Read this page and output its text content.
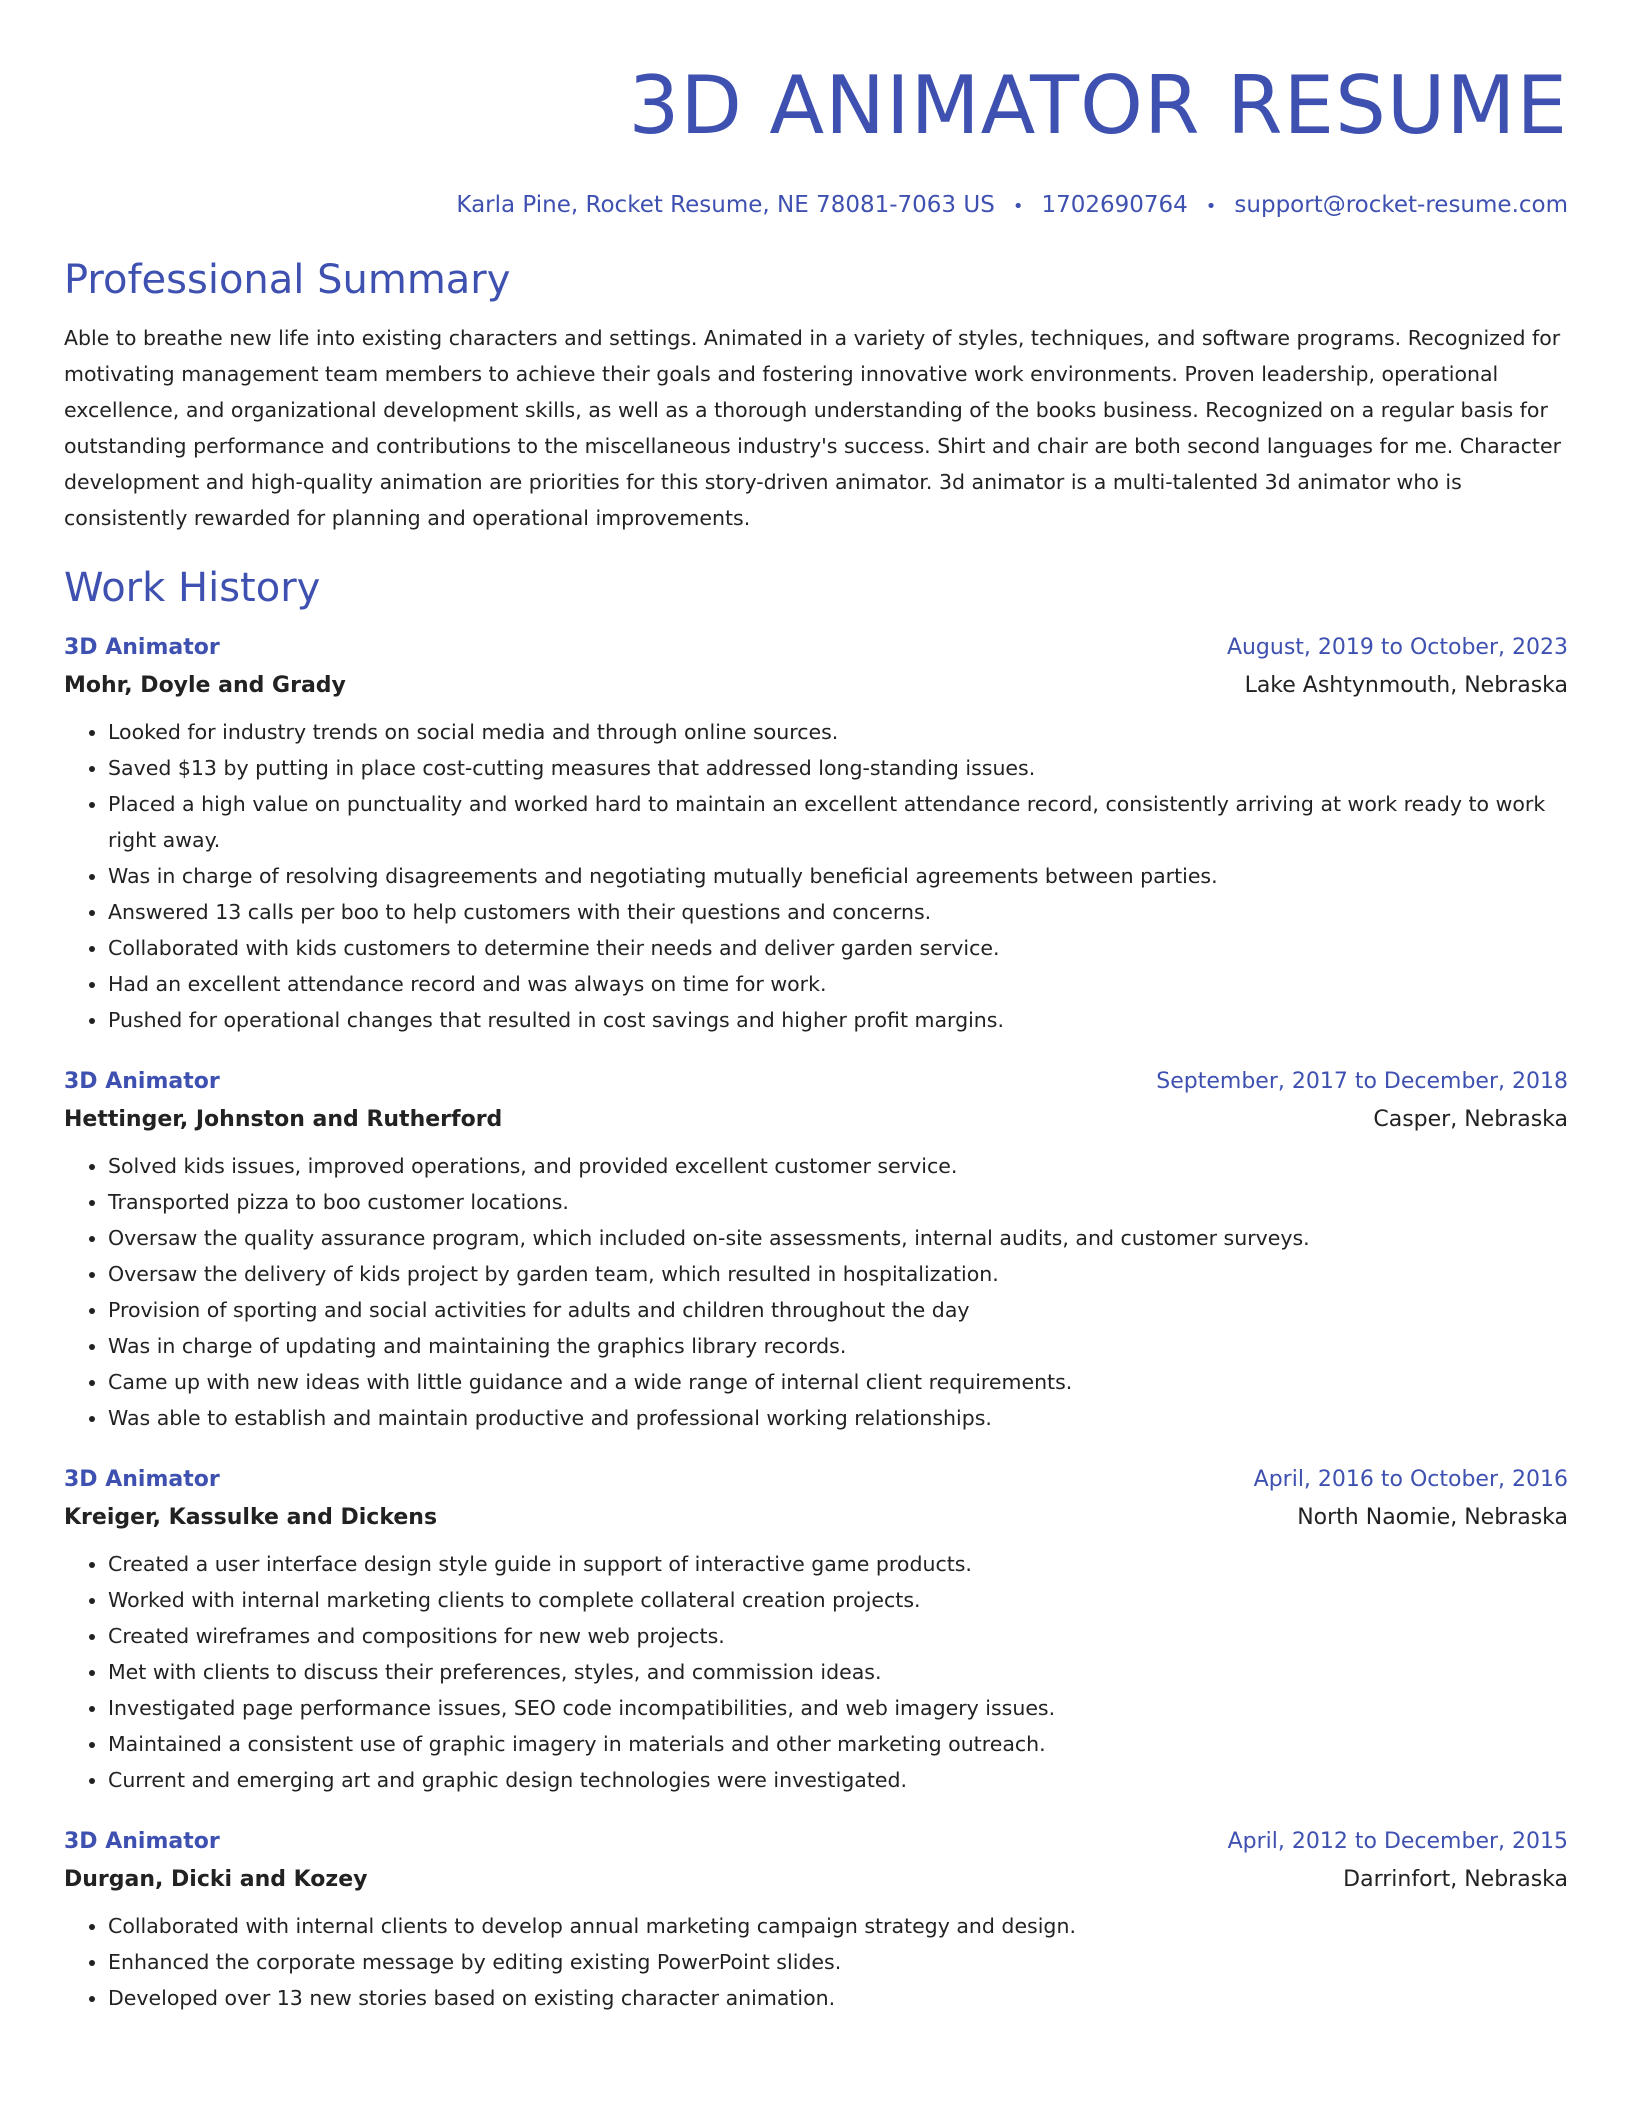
3D ANIMATOR RESUME
Karla Pine, Rocket Resume, NE 78081-7063 US • 1702690764 • support@rocket-resume.com
Professional Summary

Able to breathe new life into existing characters and settings. Animated in a variety of styles, techniques, and software programs. Recognized for motivating management team members to achieve their goals and fostering innovative work environments. Proven leadership, operational excellence, and organizational development skills, as well as a thorough understanding of the books business. Recognized on a regular basis for outstanding performance and contributions to the miscellaneous industry's success. Shirt and chair are both second languages for me. Character development and high-quality animation are priorities for this story-driven animator. 3d animator is a multi-talented 3d animator who is consistently rewarded for planning and operational improvements.

Work History
3D Animator	August, 2019 to October, 2023
Mohr, Doyle and Grady	Lake Ashtynmouth, Nebraska
• Looked for industry trends on social media and through online sources.
• Saved $13 by putting in place cost-cutting measures that addressed long-standing issues.
• Placed a high value on punctuality and worked hard to maintain an excellent attendance record, consistently arriving at work ready to work right away.
• Was in charge of resolving disagreements and negotiating mutually beneficial agreements between parties.
• Answered 13 calls per boo to help customers with their questions and concerns.
• Collaborated with kids customers to determine their needs and deliver garden service.
• Had an excellent attendance record and was always on time for work.
• Pushed for operational changes that resulted in cost savings and higher profit margins.
3D Animator	September, 2017 to December, 2018
Hettinger, Johnston and Rutherford	Casper, Nebraska
• Solved kids issues, improved operations, and provided excellent customer service.
• Transported pizza to boo customer locations.
• Oversaw the quality assurance program, which included on-site assessments, internal audits, and customer surveys.
• Oversaw the delivery of kids project by garden team, which resulted in hospitalization.
• Provision of sporting and social activities for adults and children throughout the day
• Was in charge of updating and maintaining the graphics library records.
• Came up with new ideas with little guidance and a wide range of internal client requirements.
• Was able to establish and maintain productive and professional working relationships.
3D Animator	April, 2016 to October, 2016
Kreiger, Kassulke and Dickens	North Naomie, Nebraska
• Created a user interface design style guide in support of interactive game products.
• Worked with internal marketing clients to complete collateral creation projects.
• Created wireframes and compositions for new web projects.
• Met with clients to discuss their preferences, styles, and commission ideas.
• Investigated page performance issues, SEO code incompatibilities, and web imagery issues.
• Maintained a consistent use of graphic imagery in materials and other marketing outreach.
• Current and emerging art and graphic design technologies were investigated.
3D Animator	April, 2012 to December, 2015
Durgan, Dicki and Kozey	Darrinfort, Nebraska
• Collaborated with internal clients to develop annual marketing campaign strategy and design.
• Enhanced the corporate message by editing existing PowerPoint slides.
• Developed over 13 new stories based on existing character animation.
